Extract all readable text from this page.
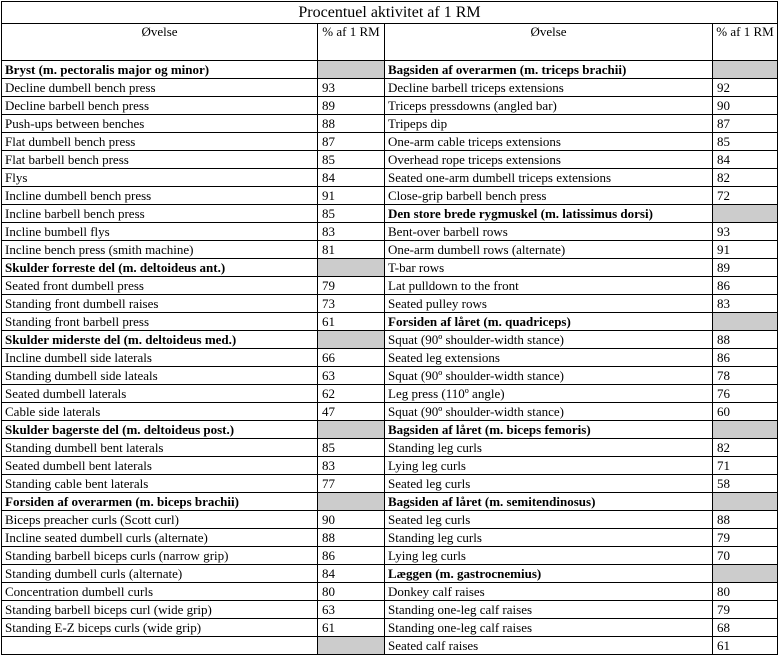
Procentuel aktivitet af 1 RM			
Øvelse	% af 1 RM	Øvelse	% af 1 RM
Bryst (m. pectoralis major og minor)		Bagsiden af overarmen (m. triceps brachii)	
Decline dumbell bench press	93	Decline barbell triceps extensions	92
Decline barbell bench press	89	Triceps pressdowns (angled bar)	90
Push-ups between benches	88	Tripeps dip	87
Flat dumbell bench press	87	One-arm cable triceps extensions	85
Flat barbell bench press	85	Overhead rope triceps extensions	84
Flys	84	Seated one-arm dumbell triceps extensions	82
Incline dumbell bench press	91	Close-grip barbell bench press	72
Incline barbell bench press	85	Den store brede rygmuskel (m. latissimus dorsi)	
Incline bumbell flys	83	Bent-over barbell rows	93
Incline bench press (smith machine)	81	One-arm dumbell rows (alternate)	91
Skulder forreste del (m. deltoideus ant.)		T-bar rows	89
Seated front dumbell press	79	Lat pulldown to the front	86
Standing front dumbell raises	73	Seated pulley rows	83
Standing front barbell press	61	Forsiden af låret (m. quadriceps)	
Skulder miderste del (m. deltoideus med.)		Squat (90º shoulder-width stance)	88
Incline dumbell side laterals	66	Seated leg extensions	86
Standing dumbell side lateals	63	Squat (90º shoulder-width stance)	78
Seated dumbell laterals	62	Leg press (110º angle)	76
Cable side laterals	47	Squat (90º shoulder-width stance)	60
Skulder bagerste del (m. deltoideus post.)		Bagsiden af låret (m. biceps femoris)	
Standing dumbell bent laterals	85	Standing leg curls	82
Seated dumbell bent laterals	83	Lying leg curls	71
Standing cable bent laterals	77	Seated leg curls	58
Forsiden af overarmen (m. biceps brachii)		Bagsiden af låret (m. semitendinosus)	
Biceps preacher curls (Scott curl)	90	Seated leg curls	88
Incline seated dumbell curls (alternate)	88	Standing leg curls	79
Standing barbell biceps curls (narrow grip)	86	Lying leg curls	70
Standing dumbell curls (alternate)	84	Læggen (m. gastrocnemius)	
Concentration dumbell curls	80	Donkey calf raises	80
Standing barbell biceps curl (wide grip)	63	Standing one-leg calf raises	79
Standing E-Z biceps curls (wide grip)	61	Standing one-leg calf raises	68
		Seated calf raises	61
